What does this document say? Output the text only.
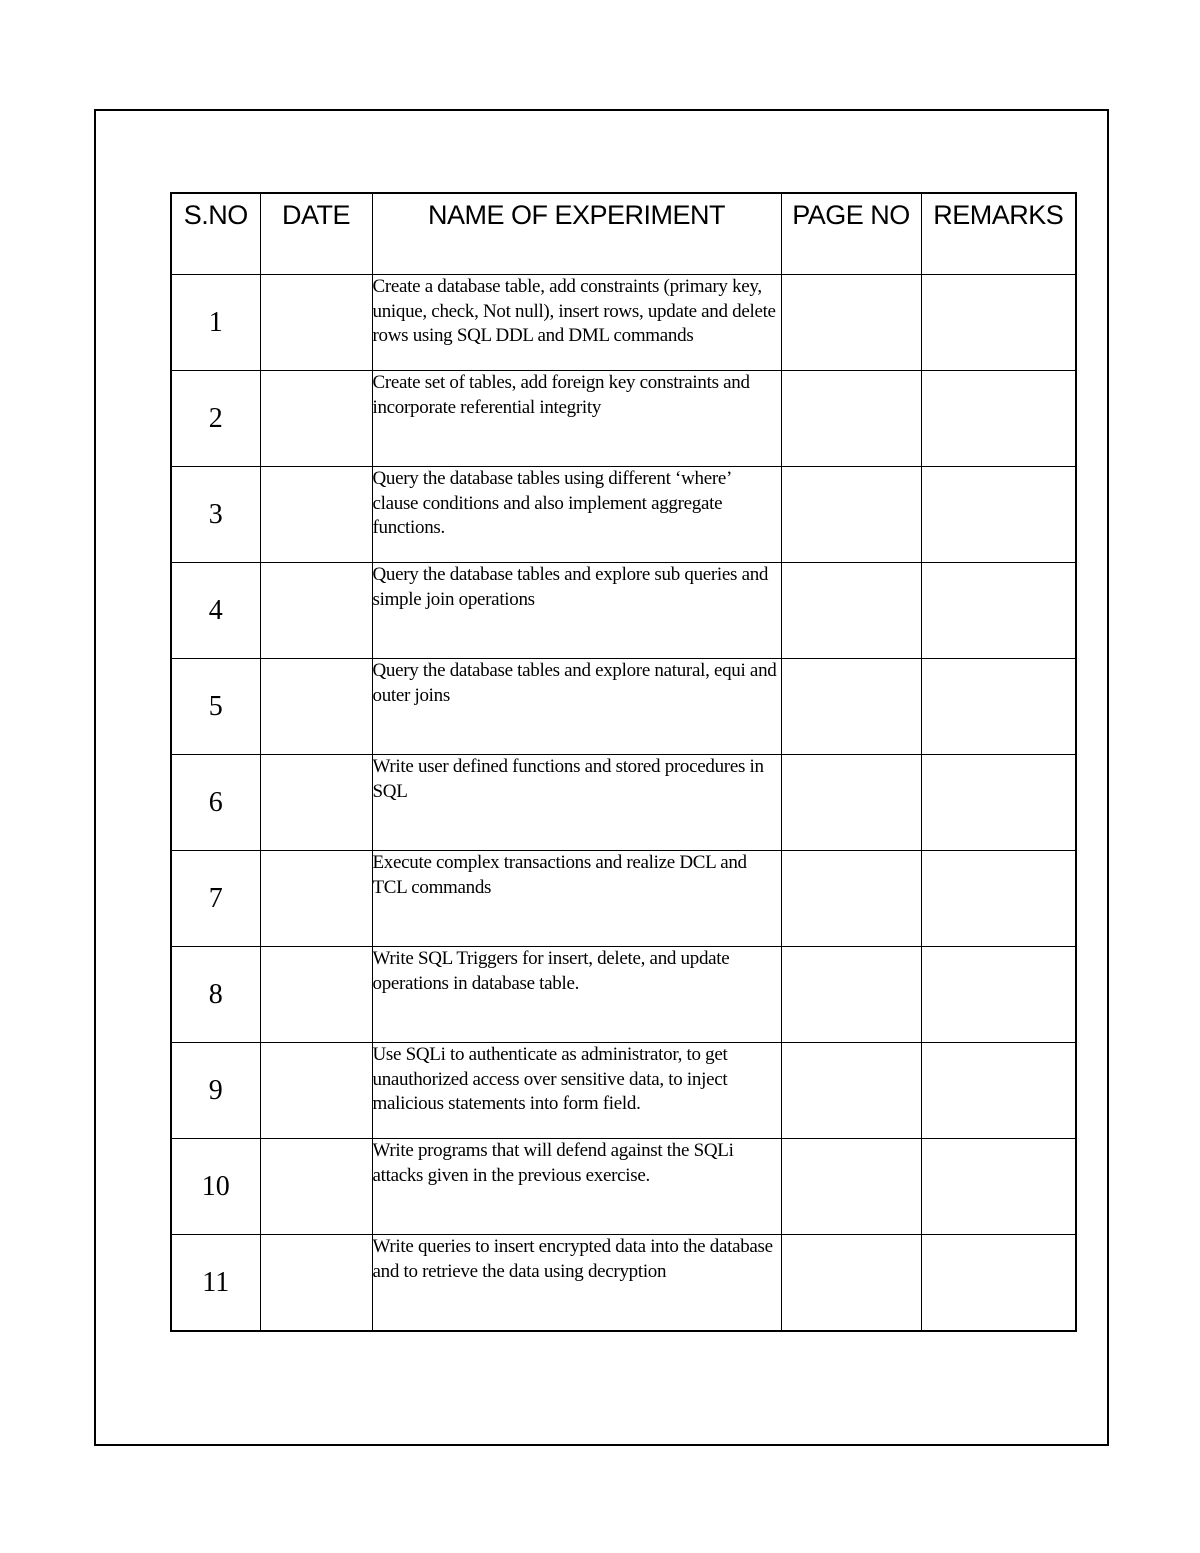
S.NO	DATE	NAME OF EXPERIMENT	PAGE NO	REMARKS
1		Create a database table, add constraints (primary key, unique, check, Not null), insert rows, update and delete rows using SQL DDL and DML commands		
2		Create set of tables, add foreign key constraints and incorporate referential integrity		
3		Query the database tables using different ‘where’ clause conditions and also implement aggregate functions.		
4		Query the database tables and explore sub queries and simple join operations		
5		Query the database tables and explore natural, equi and outer joins		
6		Write user defined functions and stored procedures in SQL		
7		Execute complex transactions and realize DCL and TCL commands		
8		Write SQL Triggers for insert, delete, and update operations in database table.		
9		Use SQLi to authenticate as administrator, to get unauthorized access over sensitive data, to inject malicious statements into form field.		
10		Write programs that will defend against the SQLi attacks given in the previous exercise.		
11		Write queries to insert encrypted data into the database and to retrieve the data using decryption		
